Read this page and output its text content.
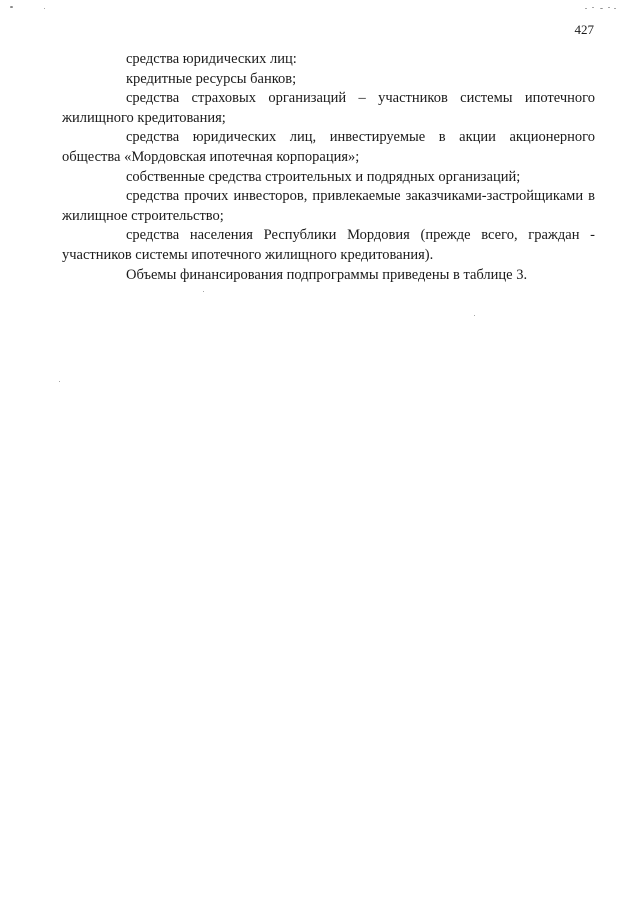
427

средства юридических лиц:

кредитные ресурсы банков;

средства страховых организаций – участников системы ипотечного жилищного кредитования;

средства юридических лиц, инвестируемые в акции акционерного общества «Мордовская ипотечная корпорация»;

собственные средства строительных и подрядных организаций;

средства прочих инвесторов, привлекаемые заказчиками-застройщиками в жилищное строительство;

средства населения Республики Мордовия (прежде всего, граждан - участников системы ипотечного жилищного кредитования).

Объемы финансирования подпрограммы приведены в таблице 3.
